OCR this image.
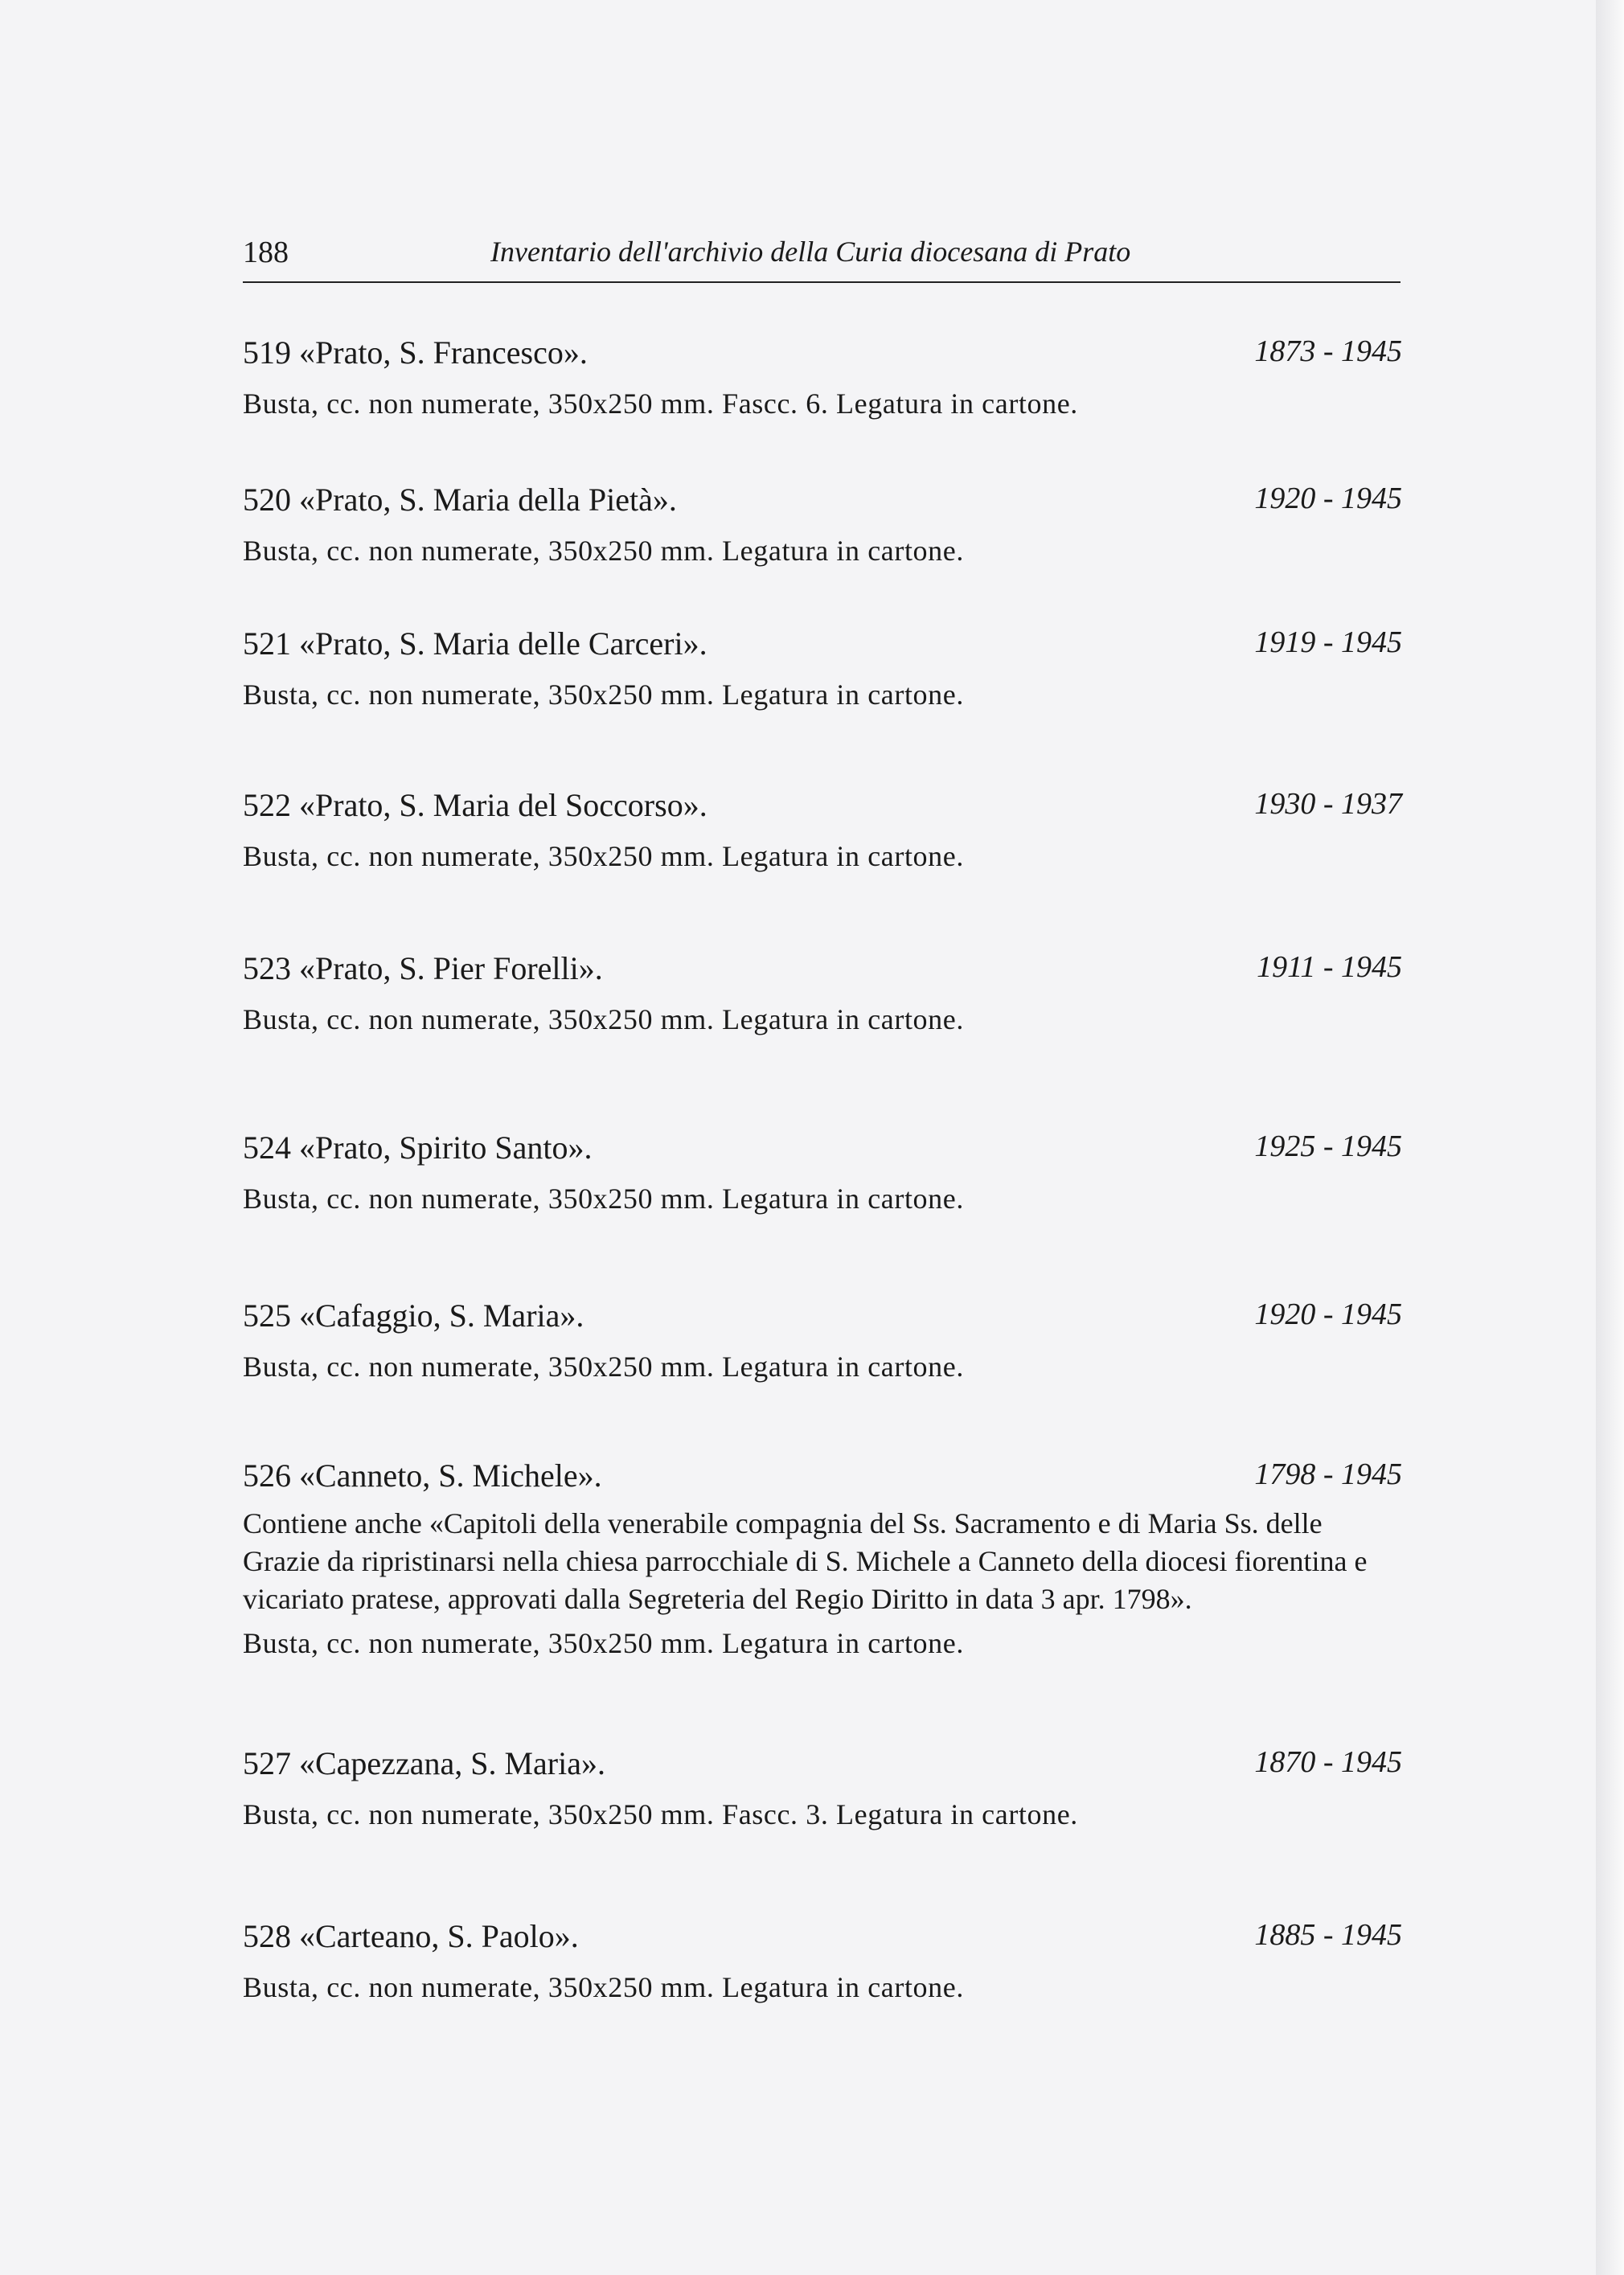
188	Inventario dell'archivio della Curia diocesana di Prato
519 «Prato, S. Francesco».	1873 - 1945
Busta, cc. non numerate, 350x250 mm. Fascc. 6. Legatura in cartone.
520 «Prato, S. Maria della Pietà».	1920 - 1945
Busta, cc. non numerate, 350x250 mm. Legatura in cartone.
521 «Prato, S. Maria delle Carceri».	1919 - 1945
Busta, cc. non numerate, 350x250 mm. Legatura in cartone.
522 «Prato, S. Maria del Soccorso».	1930 - 1937
Busta, cc. non numerate, 350x250 mm. Legatura in cartone.
523 «Prato, S. Pier Forelli».	1911 - 1945
Busta, cc. non numerate, 350x250 mm. Legatura in cartone.
524 «Prato, Spirito Santo».	1925 - 1945
Busta, cc. non numerate, 350x250 mm. Legatura in cartone.
525 «Cafaggio, S. Maria».	1920 - 1945
Busta, cc. non numerate, 350x250 mm. Legatura in cartone.
526 «Canneto, S. Michele».	1798 - 1945
Contiene anche «Capitoli della venerabile compagnia del Ss. Sacramento e di Maria Ss. delle Grazie da ripristinarsi nella chiesa parrocchiale di S. Michele a Canneto della diocesi fiorentina e vicariato pratese, approvati dalla Segreteria del Regio Diritto in data 3 apr. 1798».
Busta, cc. non numerate, 350x250 mm. Legatura in cartone.
527 «Capezzana, S. Maria».	1870 - 1945
Busta, cc. non numerate, 350x250 mm. Fascc. 3. Legatura in cartone.
528 «Carteano, S. Paolo».	1885 - 1945
Busta, cc. non numerate, 350x250 mm. Legatura in cartone.
